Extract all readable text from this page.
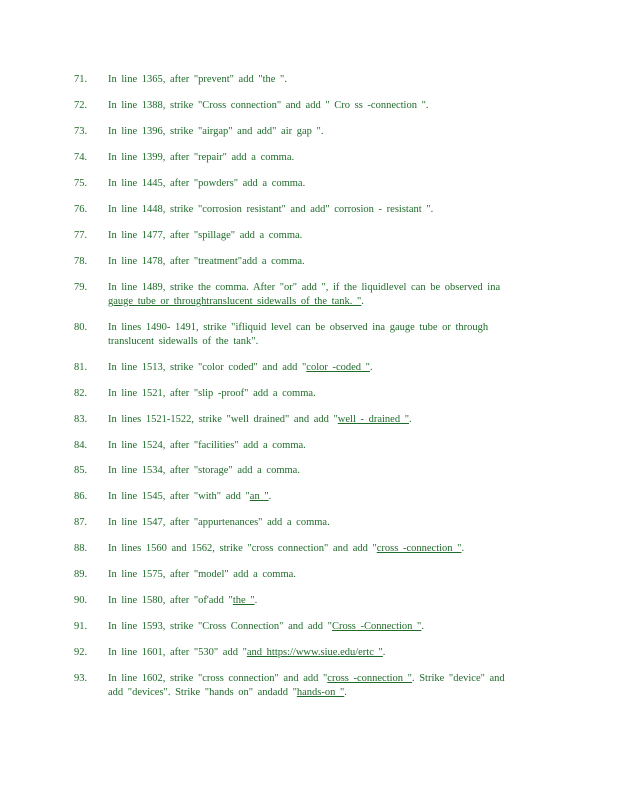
71.	In line 1365, after "prevent" add "the ".
72.	In line 1388, strike "Cross connection" and add " Cro ss -connection ".
73.	In line 1396, strike "airgap" and add" air gap ".
74.	In line 1399, after "repair" add a comma.
75.	In line 1445, after "powders" add a comma.
76.	In line 1448, strike "corrosion resistant" and add" corrosion - resistant ".
77.	In line 1477, after "spillage" add a comma.
78.	In line 1478, after "treatment"add a comma.
79.	In line 1489, strike the comma. After "or" add ", if the liquidlevel can be observed ina
gauge tube or throughtranslucent sidewalls of the tank. ".
80.	In lines 1490- 1491, strike "ifliquid level can be observed ina gauge tube or through
translucent sidewalls of the tank".
81.	In line 1513, strike "color coded" and add "color -coded ".
82.	In line 1521, after "slip -proof" add a comma.
83.	In lines 1521-1522, strike "well drained" and add "well - drained ".
84.	In line 1524, after "facilities" add a comma.
85.	In line 1534, after "storage" add a comma.
86.	In line 1545, after "with" add "an ".
87.	In line 1547, after "appurtenances" add a comma.
88.	In lines 1560 and 1562, strike "cross connection" and add "cross -connection ".
89.	In line 1575, after "model" add a comma.
90.	In line 1580, after "of'add "the ".
91.	In line 1593, strike "Cross Connection" and add "Cross -Connection ".
92.	In line 1601, after "530" add "and https://www.siue.edu/ertc ".
93.	In line 1602, strike "cross connection" and add "cross -connection ". Strike "device" and
add "devices". Strike "hands on" andadd "hands-on ".
